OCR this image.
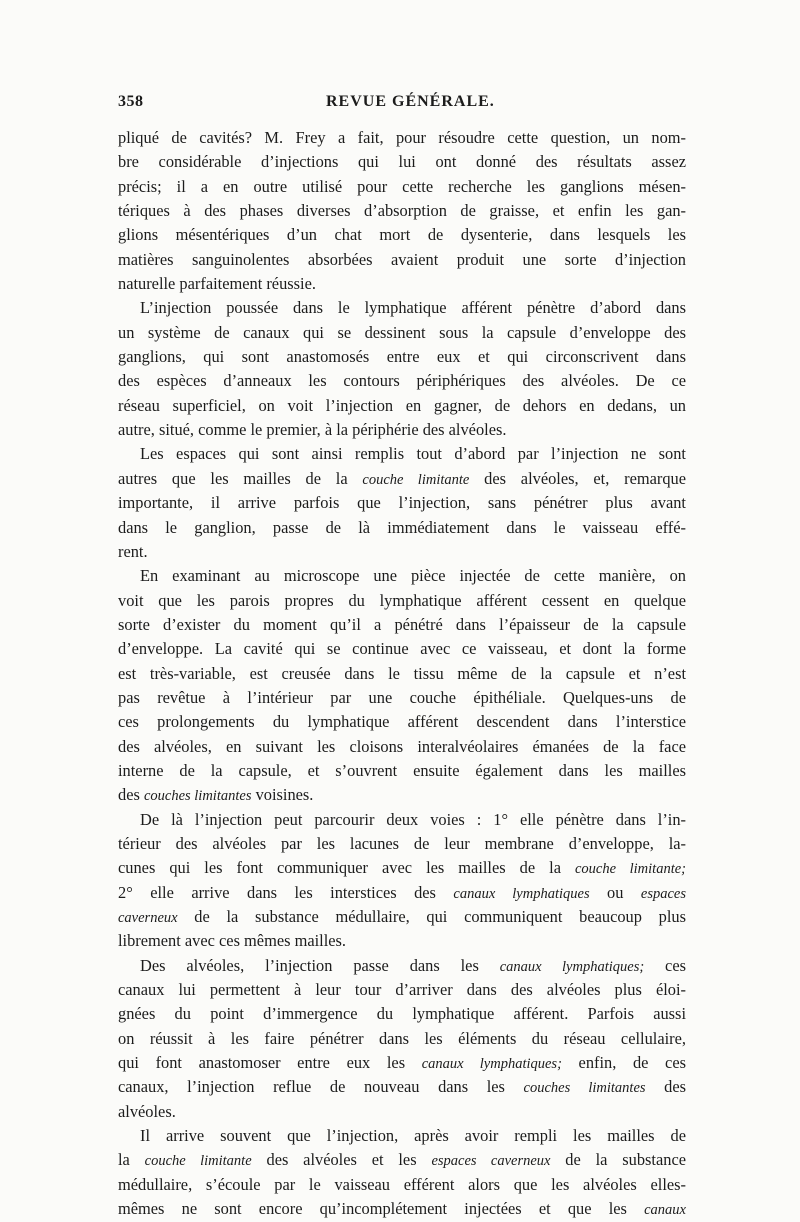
358	REVUE GÉNÉRALE.
pliqué de cavités? M. Frey a fait, pour résoudre cette question, un nom-
bre considérable d’injections qui lui ont donné des résultats assez
précis; il a en outre utilisé pour cette recherche les ganglions mésen-
tériques à des phases diverses d’absorption de graisse, et enfin les gan-
glions mésentériques d’un chat mort de dysenterie, dans lesquels les
matières sanguinolentes absorbées avaient produit une sorte d’injection
naturelle parfaitement réussie.
L’injection poussée dans le lymphatique afférent pénètre d’abord dans
un système de canaux qui se dessinent sous la capsule d’enveloppe des
ganglions, qui sont anastomosés entre eux et qui circonscrivent dans
des espèces d’anneaux les contours périphériques des alvéoles. De ce
réseau superficiel, on voit l’injection en gagner, de dehors en dedans, un
autre, situé, comme le premier, à la périphérie des alvéoles.
Les espaces qui sont ainsi remplis tout d’abord par l’injection ne sont
autres que les mailles de la couche limitante des alvéoles, et, remarque
importante, il arrive parfois que l’injection, sans pénétrer plus avant
dans le ganglion, passe de là immédiatement dans le vaisseau effé-
rent.
En examinant au microscope une pièce injectée de cette manière, on
voit que les parois propres du lymphatique afférent cessent en quelque
sorte d’exister du moment qu’il a pénétré dans l’épaisseur de la capsule
d’enveloppe. La cavité qui se continue avec ce vaisseau, et dont la forme
est très-variable, est creusée dans le tissu même de la capsule et n’est
pas revêtue à l’intérieur par une couche épithéliale. Quelques-uns de
ces prolongements du lymphatique afférent descendent dans l’interstice
des alvéoles, en suivant les cloisons interalvéolaires émanées de la face
interne de la capsule, et s’ouvrent ensuite également dans les mailles
des couches limitantes voisines.
De là l’injection peut parcourir deux voies : 1° elle pénètre dans l’in-
térieur des alvéoles par les lacunes de leur membrane d’enveloppe, la-
cunes qui les font communiquer avec les mailles de la couche limitante;
2° elle arrive dans les interstices des canaux lymphatiques ou espaces
caverneux de la substance médullaire, qui communiquent beaucoup plus
librement avec ces mêmes mailles.
Des alvéoles, l’injection passe dans les canaux lymphatiques; ces
canaux lui permettent à leur tour d’arriver dans des alvéoles plus éloi-
gnées du point d’immergence du lymphatique afférent. Parfois aussi
on réussit à les faire pénétrer dans les éléments du réseau cellulaire,
qui font anastomoser entre eux les canaux lymphatiques; enfin, de ces
canaux, l’injection reflue de nouveau dans les couches limitantes des
alvéoles.
Il arrive souvent que l’injection, après avoir rempli les mailles de
la couche limitante des alvéoles et les espaces caverneux de la substance
médullaire, s’écoule par le vaisseau efférent alors que les alvéoles elles-
mêmes ne sont encore qu’incomplétement injectées et que les canaux
